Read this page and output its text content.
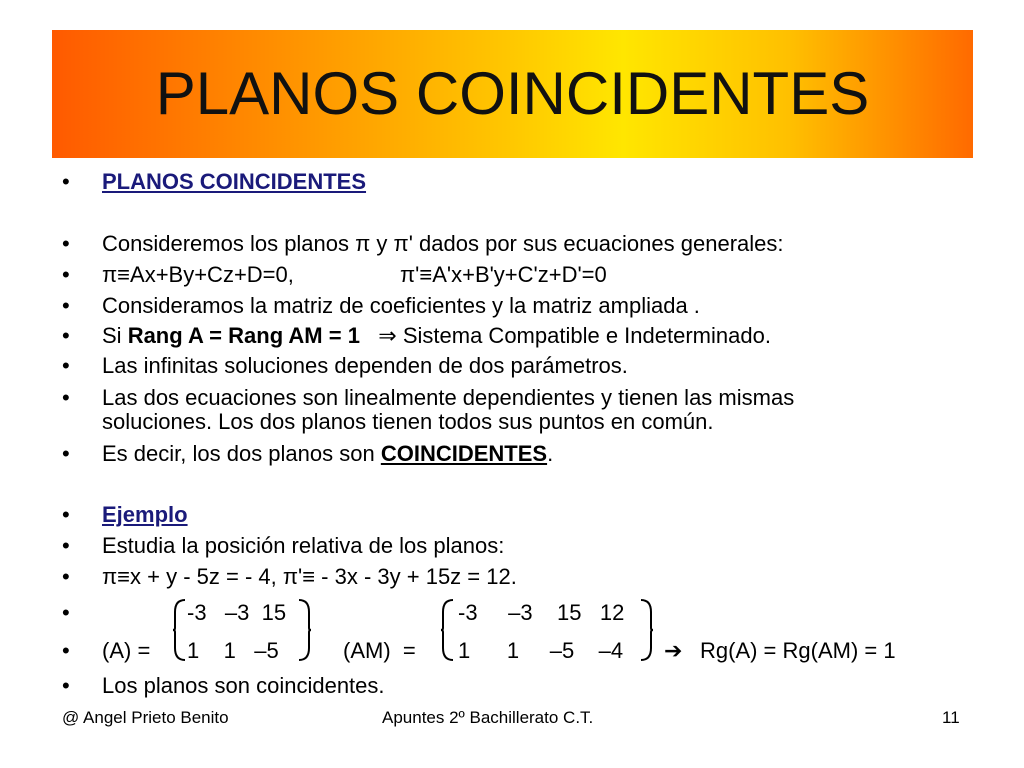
PLANOS COINCIDENTES
• PLANOS COINCIDENTES
• Consideremos los planos π y π' dados por sus ecuaciones generales:
• π≡Ax+By+Cz+D=0,	π'≡A'x+B'y+C'z+D'=0
• Consideramos la matriz de coeficientes y la matriz ampliada .
• Si Rang A = Rang AM = 1 ⇒ Sistema Compatible e Indeterminado.
• Las infinitas soluciones dependen de dos parámetros.
• Las dos ecuaciones son linealmente dependientes y tienen las mismas
soluciones. Los dos planos tienen todos sus puntos en común.
• Es decir, los dos planos son COINCIDENTES.
• Ejemplo
• Estudia la posición relativa de los planos:
• π≡x + y - 5z = - 4, π'≡ - 3x - 3y + 15z = 12.
•	-3   –3  15	-3     –3    15   12
• (A) = 1    1   –5	(AM)  = 1      1     –5    –4 ➔ Rg(A) = Rg(AM) = 1
• Los planos son coincidentes.
@ Angel Prieto Benito	Apuntes 2º Bachillerato C.T.	11
